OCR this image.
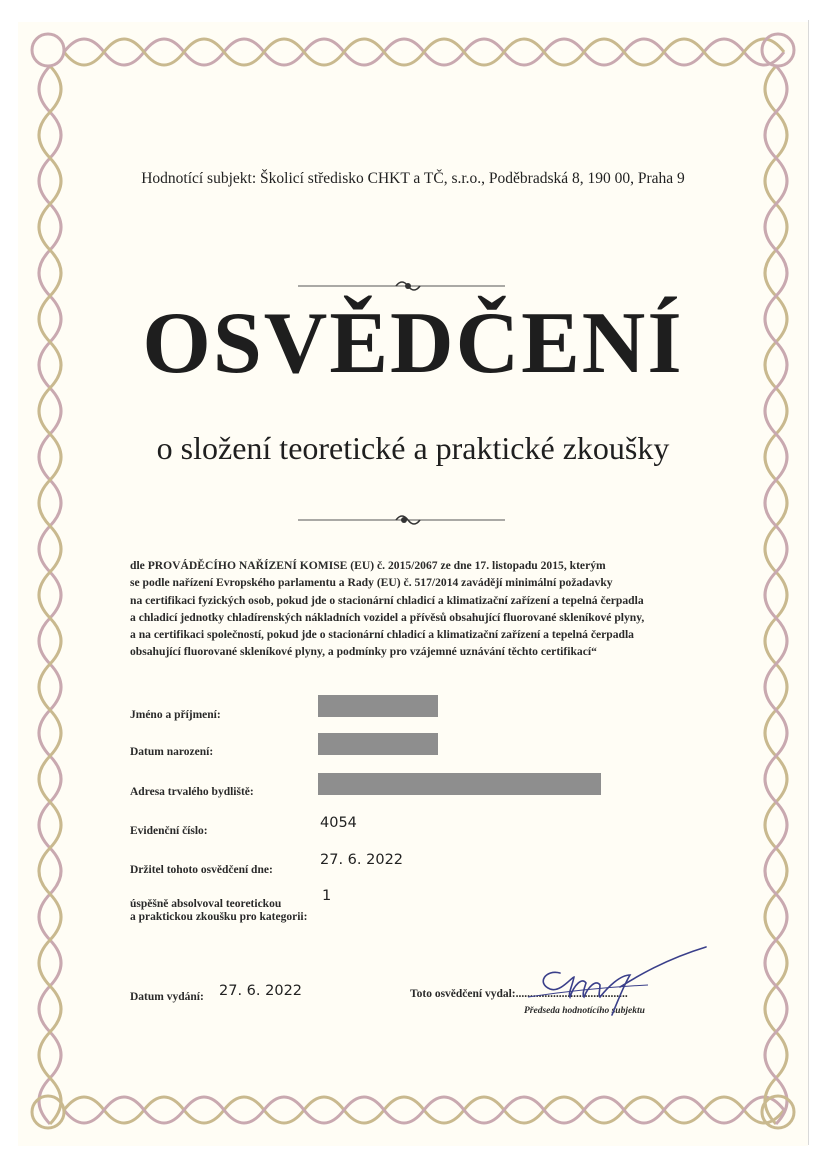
Hodnotící subjekt: Školicí středisko CHKT a TČ, s.r.o., Poděbradská 8, 190 00, Praha 9

OSVĚDČENÍ

o složení teoretické a praktické zkoušky

dle PROVÁDĚCÍHO NAŘÍZENÍ KOMISE (EU) č. 2015/2067 ze dne 17. listopadu 2015, kterým
se podle nařízení Evropského parlamentu a Rady (EU) č. 517/2014 zavádějí minimální požadavky
na certifikaci fyzických osob, pokud jde o stacionární chladicí a klimatizační zařízení a tepelná čerpadla
a chladicí jednotky chladírenských nákladních vozidel a přívěsů obsahující fluorované skleníkové plyny,
a na certifikaci společností, pokud jde o stacionární chladicí a klimatizační zařízení a tepelná čerpadla
obsahující fluorované skleníkové plyny, a podmínky pro vzájemné uznávání těchto certifikací“
Jméno a příjmení:
Datum narození:
Adresa trvalého bydliště:
Evidenční číslo:	4054
Držitel tohoto osvědčení dne:
27. 6. 2022
úspěšně absolvoval teoretickou
a praktickou zkoušku pro kategorii:
1
Datum vydání: 27. 6. 2022	Toto osvědčení vydal:.......................................
Předseda hodnotícího subjektu
